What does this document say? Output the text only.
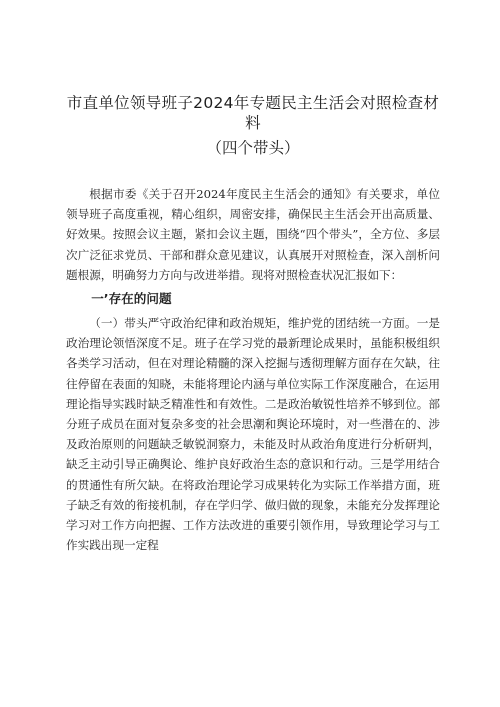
市直单位领导班子2024年专题民主生活会对照检查材料
（四个带头）

根据市委《关于召开2024年度民主生活会的通知》有关要求，单位领导班子高度重视，精心组织，周密安排，确保民主生活会开出高质量、好效果。按照会议主题，紧扣会议主题，围绕“四个带头”，全方位、多层次广泛征求党员、干部和群众意见建议，认真展开对照检查，深入剖析问题根源，明确努力方向与改进举措。现将对照检查状况汇报如下：

一’存在的问题

（一）带头严守政治纪律和政治规矩，维护党的团结统一方面。一是政治理论领悟深度不足。班子在学习党的最新理论成果时，虽能积极组织各类学习活动，但在对理论精髓的深入挖掘与透彻理解方面存在欠缺，往往停留在表面的知晓，未能将理论内涵与单位实际工作深度融合，在运用理论指导实践时缺乏精准性和有效性。二是政治敏锐性培养不够到位。部分班子成员在面对复杂多变的社会思潮和舆论环境时，对一些潜在的、涉及政治原则的问题缺乏敏锐洞察力，未能及时从政治角度进行分析研判，缺乏主动引导正确舆论、维护良好政治生态的意识和行动。三是学用结合的贯通性有所欠缺。在将政治理论学习成果转化为实际工作举措方面，班子缺乏有效的衔接机制，存在学归学、做归做的现象，未能充分发挥理论学习对工作方向把握、工作方法改进的重要引领作用，导致理论学习与工作实践出现一定程
